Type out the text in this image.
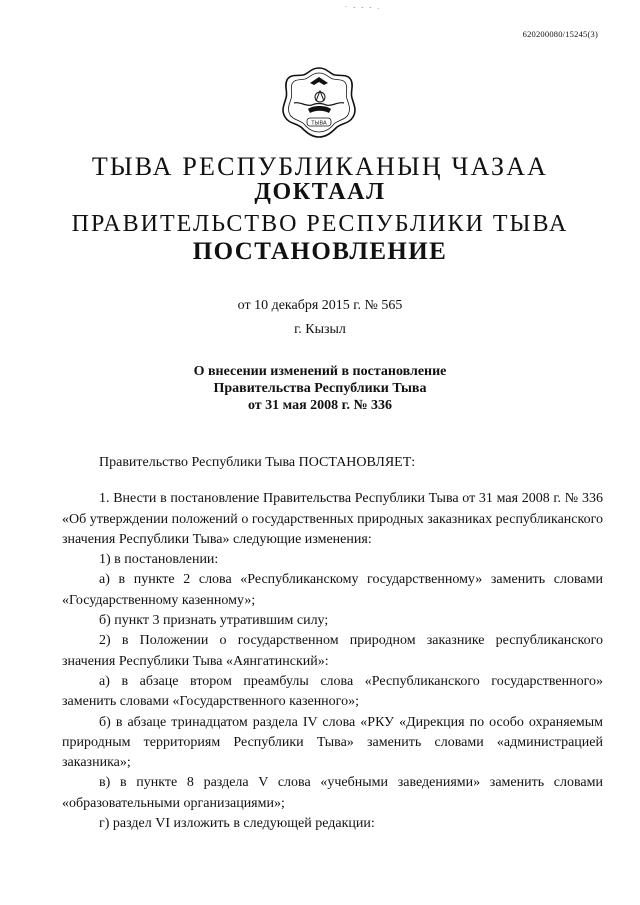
620200080/15245(3)
· ‐ ‐ ‐ .
ТЫВА
ТЫВА РЕСПУБЛИКАНЫҢ ЧАЗАА
ДОКТААЛ
ПРАВИТЕЛЬСТВО РЕСПУБЛИКИ ТЫВА
ПОСТАНОВЛЕНИЕ
от 10 декабря 2015 г. № 565
г. Кызыл
О внесении изменений в постановление
Правительства Республики Тыва
от 31 мая 2008 г. № 336

Правительство Республики Тыва ПОСТАНОВЛЯЕТ:

1. Внести в постановление Правительства Республики Тыва от 31 мая 2008 г. № 336 «Об утверждении положений о государственных природных заказниках республиканского значения Республики Тыва» следующие изменения:

1) в постановлении:

а) в пункте 2 слова «Республиканскому государственному» заменить словами «Государственному казенному»;

б) пункт 3 признать утратившим силу;

2) в Положении о государственном природном заказнике республиканского значения Республики Тыва «Аянгатинский»:

а) в абзаце втором преамбулы слова «Республиканского государственного» заменить словами «Государственного казенного»;

б) в абзаце тринадцатом раздела IV слова «РКУ «Дирекция по особо охраняемым природным территориям Республики Тыва» заменить словами «администрацией заказника»;

в) в пункте 8 раздела V слова «учебными заведениями» заменить словами «образовательными организациями»;

г) раздел VI изложить в следующей редакции:
